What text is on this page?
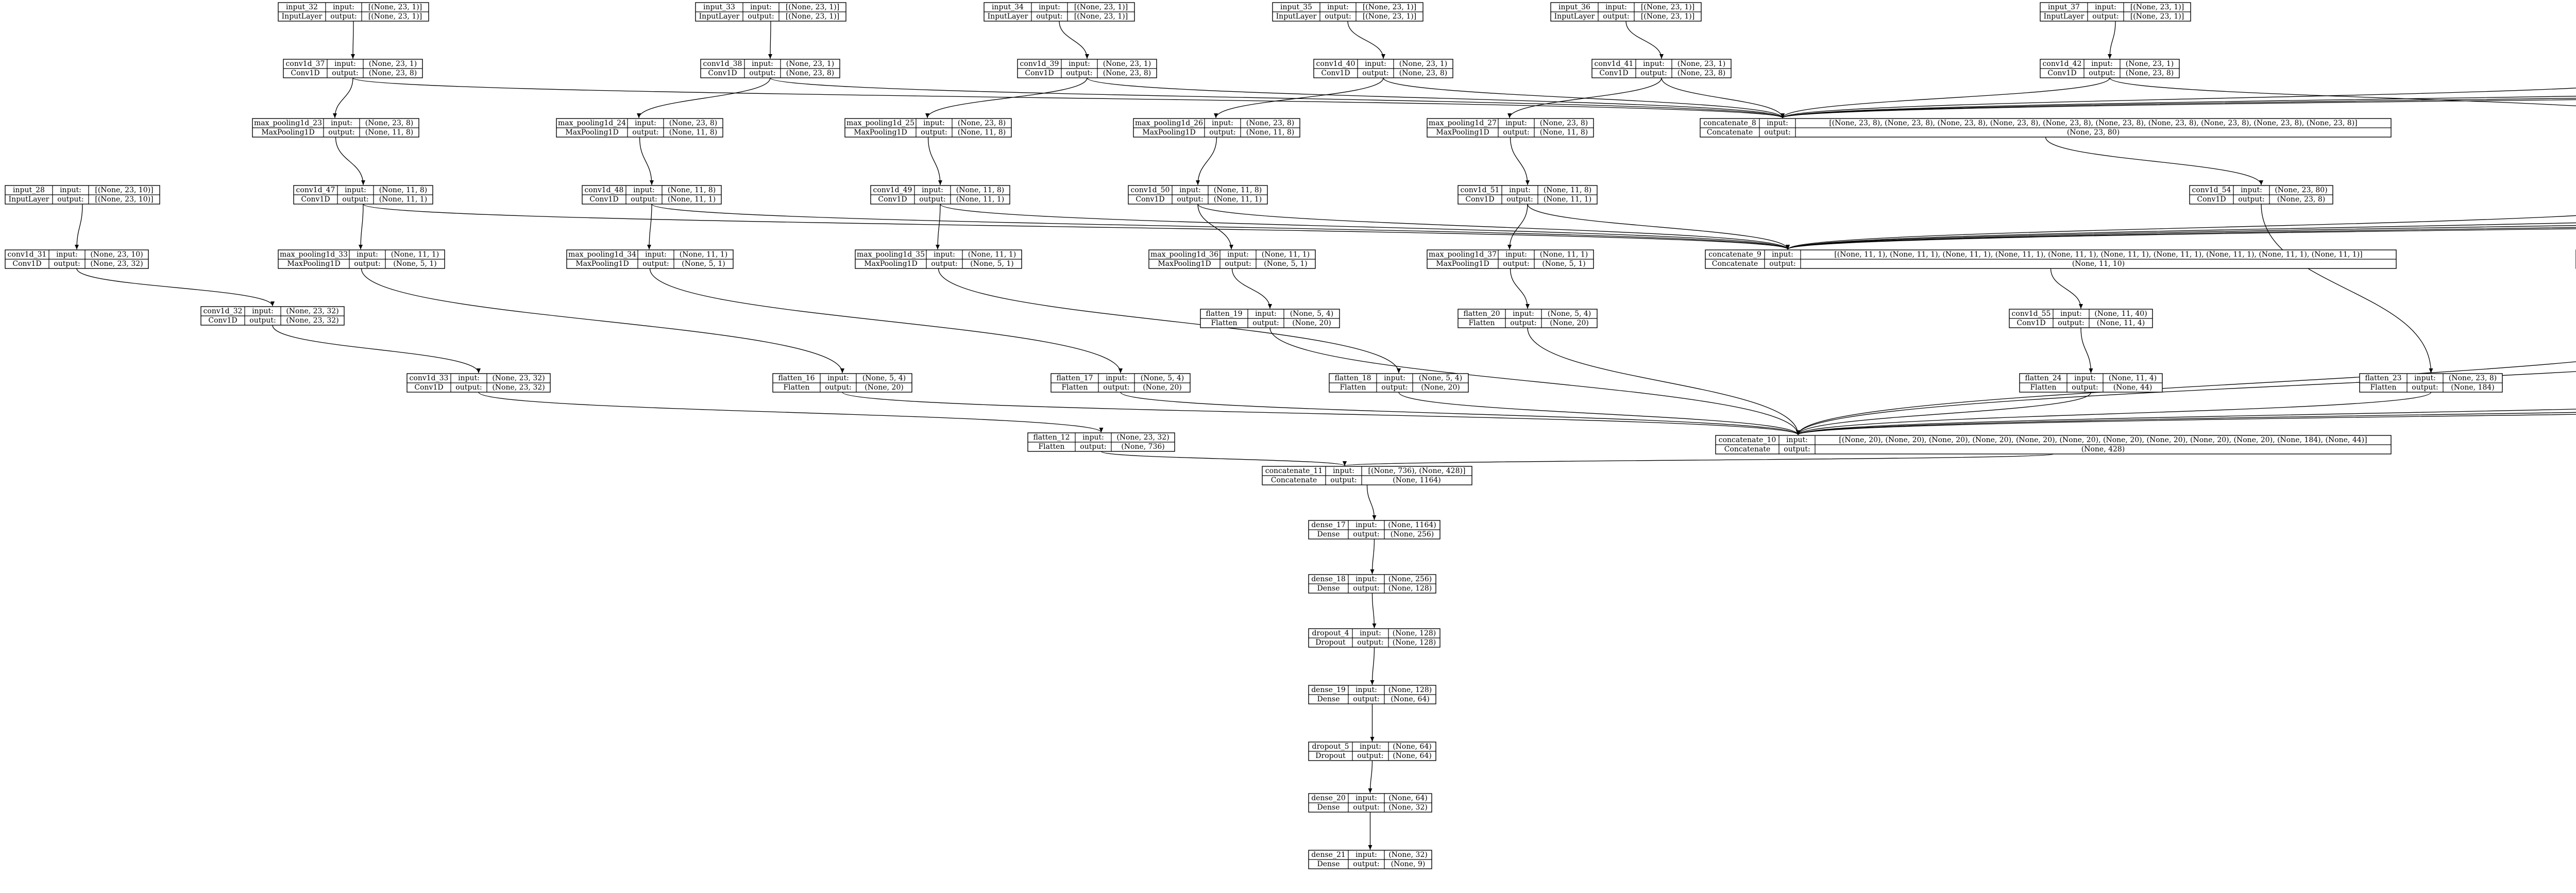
input_32
InputLayer
input:
output:
[(None, 23, 1)]
[(None, 23, 1)]
input_33
InputLayer
input:
output:
[(None, 23, 1)]
[(None, 23, 1)]
input_34
InputLayer
input:
output:
[(None, 23, 1)]
[(None, 23, 1)]
input_35
InputLayer
input:
output:
[(None, 23, 1)]
[(None, 23, 1)]
input_36
InputLayer
input:
output:
[(None, 23, 1)]
[(None, 23, 1)]
input_37
InputLayer
input:
output:
[(None, 23, 1)]
[(None, 23, 1)]
conv1d_37
Conv1D
input:
output:
(None, 23, 1)
(None, 23, 8)
conv1d_38
Conv1D
input:
output:
(None, 23, 1)
(None, 23, 8)
conv1d_39
Conv1D
input:
output:
(None, 23, 1)
(None, 23, 8)
conv1d_40
Conv1D
input:
output:
(None, 23, 1)
(None, 23, 8)
conv1d_41
Conv1D
input:
output:
(None, 23, 1)
(None, 23, 8)
conv1d_42
Conv1D
input:
output:
(None, 23, 1)
(None, 23, 8)
input_28
InputLayer
input:
output:
[(None, 23, 10)]
[(None, 23, 10)]
max_pooling1d_23
MaxPooling1D
input:
output:
(None, 23, 8)
(None, 11, 8)
max_pooling1d_24
MaxPooling1D
input:
output:
(None, 23, 8)
(None, 11, 8)
max_pooling1d_25
MaxPooling1D
input:
output:
(None, 23, 8)
(None, 11, 8)
max_pooling1d_26
MaxPooling1D
input:
output:
(None, 23, 8)
(None, 11, 8)
max_pooling1d_27
MaxPooling1D
input:
output:
(None, 23, 8)
(None, 11, 8)
concatenate_8
Concatenate
input:
output:
[(None, 23, 8), (None, 23, 8), (None, 23, 8), (None, 23, 8), (None, 23, 8), (None, 23, 8), (None, 23, 8), (None, 23, 8), (None, 23, 8), (None, 23, 8)]
(None, 23, 80)
conv1d_47
Conv1D
input:
output:
(None, 11, 8)
(None, 11, 1)
conv1d_48
Conv1D
input:
output:
(None, 11, 8)
(None, 11, 1)
conv1d_49
Conv1D
input:
output:
(None, 11, 8)
(None, 11, 1)
conv1d_50
Conv1D
input:
output:
(None, 11, 8)
(None, 11, 1)
conv1d_51
Conv1D
input:
output:
(None, 11, 8)
(None, 11, 1)
conv1d_54
Conv1D
input:
output:
(None, 23, 80)
(None, 23, 8)
conv1d_31
Conv1D
input:
output:
(None, 23, 10)
(None, 23, 32)
max_pooling1d_33
MaxPooling1D
input:
output:
(None, 11, 1)
(None, 5, 1)
max_pooling1d_34
MaxPooling1D
input:
output:
(None, 11, 1)
(None, 5, 1)
max_pooling1d_35
MaxPooling1D
input:
output:
(None, 11, 1)
(None, 5, 1)
max_pooling1d_36
MaxPooling1D
input:
output:
(None, 11, 1)
(None, 5, 1)
max_pooling1d_37
MaxPooling1D
input:
output:
(None, 11, 1)
(None, 5, 1)
concatenate_9
Concatenate
input:
output:
[(None, 11, 1), (None, 11, 1), (None, 11, 1), (None, 11, 1), (None, 11, 1), (None, 11, 1), (None, 11, 1), (None, 11, 1), (None, 11, 1), (None, 11, 1)]
(None, 11, 10)
conv1d_32
Conv1D
input:
output:
(None, 23, 32)
(None, 23, 32)
flatten_19
Flatten
input:
output:
(None, 5, 4)
(None, 20)
flatten_20
Flatten
input:
output:
(None, 5, 4)
(None, 20)
conv1d_55
Conv1D
input:
output:
(None, 11, 40)
(None, 11, 4)
conv1d_33
Conv1D
input:
output:
(None, 23, 32)
(None, 23, 32)
flatten_16
Flatten
input:
output:
(None, 5, 4)
(None, 20)
flatten_17
Flatten
input:
output:
(None, 5, 4)
(None, 20)
flatten_18
Flatten
input:
output:
(None, 5, 4)
(None, 20)
flatten_24
Flatten
input:
output:
(None, 11, 4)
(None, 44)
flatten_23
Flatten
input:
output:
(None, 23, 8)
(None, 184)
flatten_12
Flatten
input:
output:
(None, 23, 32)
(None, 736)
concatenate_10
Concatenate
input:
output:
[(None, 20), (None, 20), (None, 20), (None, 20), (None, 20), (None, 20), (None, 20), (None, 20), (None, 20), (None, 20), (None, 184), (None, 44)]
(None, 428)
concatenate_11
Concatenate
input:
output:
[(None, 736), (None, 428)]
(None, 1164)
dense_17
Dense
input:
output:
(None, 1164)
(None, 256)
dense_18
Dense
input:
output:
(None, 256)
(None, 128)
dropout_4
Dropout
input:
output:
(None, 128)
(None, 128)
dense_19
Dense
input:
output:
(None, 128)
(None, 64)
dropout_5
Dropout
input:
output:
(None, 64)
(None, 64)
dense_20
Dense
input:
output:
(None, 64)
(None, 32)
dense_21
Dense
input:
output:
(None, 32)
(None, 9)
